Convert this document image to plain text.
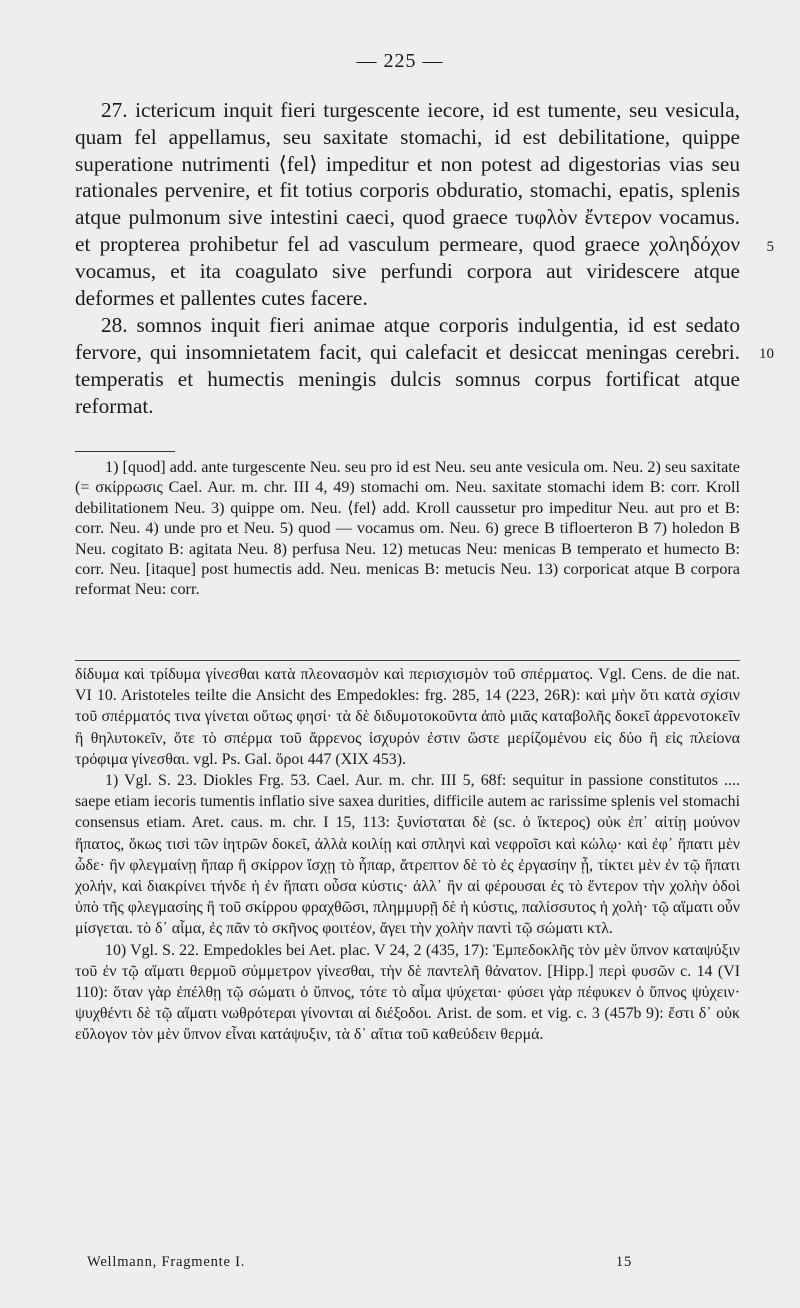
— 225 —

27. ictericum inquit fieri turgescente iecore, id est tumente, seu vesicula, quam fel appellamus, seu saxitate stomachi, id est debilitatione, quippe superatione nutrimenti ⟨fel⟩ impeditur et non potest ad digestorias vias seu rationales pervenire, et fit totius corporis obduratio, stomachi, epatis, splenis atque pulmonum sive intestini caeci, quod graece τυφλὸν ἔντερον vocamus. et propterea prohibetur fel ad vasculum permeare, quod graece χοληδόχον vocamus, et ita coagulato sive perfundi corpora aut viridescere atque deformes et pallentes cutes facere.

28. somnos inquit fieri animae atque corporis indulgentia, id est sedato fervore, qui insomnietatem facit, qui calefacit et desiccat meningas cerebri. temperatis et humectis meningis dulcis somnus corpus fortificat atque reformat.

5
10

1) [quod] add. ante turgescente Neu. seu pro id est Neu. seu ante vesicula om. Neu. 2) seu saxitate (= σκίρρωσις Cael. Aur. m. chr. III 4, 49) stomachi om. Neu. saxitate stomachi idem B: corr. Kroll debilitationem Neu. 3) quippe om. Neu. ⟨fel⟩ add. Kroll caussetur pro impeditur Neu. aut pro et B: corr. Neu. 4) unde pro et Neu. 5) quod — vocamus om. Neu. 6) grece B tifloerteron B 7) holedon B Neu. cogitato B: agitata Neu. 8) perfusa Neu. 12) metucas Neu: menicas B temperato et humecto B: corr. Neu. [itaque] post humectis add. Neu. menicas B: metucis Neu. 13) corporicat atque B corpora reformat Neu: corr.

δίδυμα καὶ τρίδυμα γίνεσθαι κατὰ πλεονασμὸν καὶ περισχισμὸν τοῦ σπέρματος. Vgl. Cens. de die nat. VI 10. Aristoteles teilte die Ansicht des Empedokles: frg. 285, 14 (223, 26R): καὶ μὴν ὅτι κατὰ σχίσιν τοῦ σπέρματός τινα γίνεται οὕτως φησί· τὰ δὲ διδυμοτοκοῦντα ἀπὸ μιᾶς καταβολῆς δοκεῖ ἀρρενοτοκεῖν ἢ θηλυτοκεῖν, ὅτε τὸ σπέρμα τοῦ ἄρρενος ἰσχυρόν ἐστιν ὥστε μερίζομένου εἰς δύο ἢ εἰς πλείονα τρόφιμα γίνεσθαι. vgl. Ps. Gal. ὅροι 447 (XIX 453).

1) Vgl. S. 23. Diokles Frg. 53. Cael. Aur. m. chr. III 5, 68f: sequitur in passione constitutos .... saepe etiam iecoris tumentis inflatio sive saxea durities, difficile autem ac rarissime splenis vel stomachi consensus etiam. Aret. caus. m. chr. I 15, 113: ξυνίσταται δὲ (sc. ὁ ἴκτερος) οὐκ ἐπ᾽ αἰτίῃ μούνον ἥπατος, ὅκως τισὶ τῶν ἰητρῶν δοκεῖ, ἀλλὰ κοιλίῃ καὶ σπληνὶ καὶ νεφροῖσι καὶ κώλῳ· καὶ ἐφ᾽ ἥπατι μὲν ὧδε· ἢν φλεγμαίνῃ ἥπαρ ἢ σκίρρον ἴσχῃ τὸ ἧπαρ, ἄτρεπτον δὲ τὸ ἐς ἐργασίην ᾖ, τίκτει μὲν ἐν τῷ ἥπατι χολήν, καὶ διακρίνει τήνδε ἡ ἐν ἥπατι οὖσα κύστις· ἀλλ᾽ ἢν αἱ φέρουσαι ἐς τὸ ἔντερον τὴν χολὴν ὁδοὶ ὑπὸ τῆς φλεγμασίης ἢ τοῦ σκίρρου φραχθῶσι, πλημμυρῇ δὲ ἡ κύστις, παλίσσυτος ἡ χολὴ· τῷ αἵματι οὖν μίσγεται. τὸ δ᾽ αἷμα, ἐς πᾶν τὸ σκῆνος φοιτέον, ἄγει τὴν χολὴν παντὶ τῷ σώματι κτλ.

10) Vgl. S. 22. Empedokles bei Aet. plac. V 24, 2 (435, 17): Ἐμπεδοκλῆς τὸν μὲν ὕπνον καταψύξιν τοῦ ἐν τῷ αἵματι θερμοῦ σύμμετρον γίνεσθαι, τὴν δὲ παντελῆ θάνατον. [Hipp.] περὶ φυσῶν c. 14 (VI 110): ὅταν γὰρ ἐπέλθῃ τῷ σώματι ὁ ὕπνος, τότε τὸ αἷμα ψύχεται· φύσει γὰρ πέφυκεν ὁ ὕπνος ψύχειν· ψυχθέντι δὲ τῷ αἵματι νωθρότεραι γίνονται αἱ διέξοδοι. Arist. de som. et vig. c. 3 (457b 9): ἔστι δ᾽ οὐκ εὔλογον τὸν μὲν ὕπνον εἶναι κατάψυξιν, τὰ δ᾽ αἴτια τοῦ καθεύδειν θερμά.

Wellmann, Fragmente I.	15
